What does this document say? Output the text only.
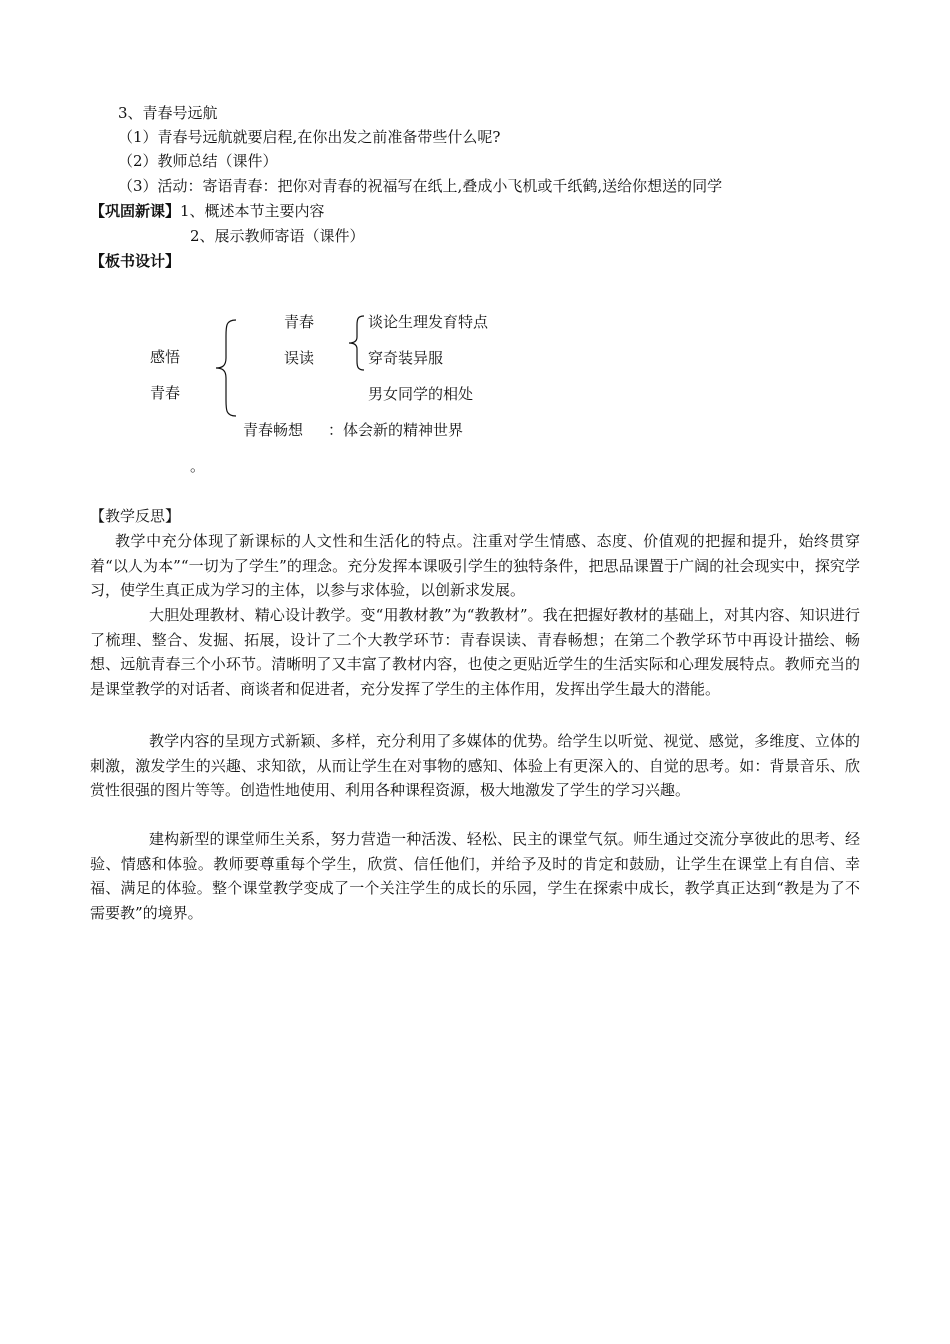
3、青春号远航
（1）青春号远航就要启程,在你出发之前准备带些什么呢?
（2）教师总结（课件）
（3）活动：寄语青春：把你对青春的祝福写在纸上,叠成小飞机或千纸鹤,送给你想送的同学
【巩固新课】1、概述本节主要内容
2、展示教师寄语（课件）
【板书设计】
感悟
青春
青春
误读
谈论生理发育特点
穿奇装异服
男女同学的相处
青春畅想 ：体会新的精神世界
。
【教学反思】
教学中充分体现了新课标的人文性和生活化的特点。注重对学生情感、态度、价值观的把握和提升，始终贯穿着“以人为本”“一切为了学生”的理念。充分发挥本课吸引学生的独特条件，把思品课置于广阔的社会现实中，探究学习，使学生真正成为学习的主体，以参与求体验，以创新求发展。
大胆处理教材、精心设计教学。变“用教材教”为“教教材”。我在把握好教材的基础上，对其内容、知识进行了梳理、整合、发掘、拓展，设计了二个大教学环节：青春误读、青春畅想；在第二个教学环节中再设计描绘、畅想、远航青春三个小环节。清晰明了又丰富了教材内容，也使之更贴近学生的生活实际和心理发展特点。教师充当的是课堂教学的对话者、商谈者和促进者，充分发挥了学生的主体作用，发挥出学生最大的潜能。
教学内容的呈现方式新颖、多样，充分利用了多媒体的优势。给学生以听觉、视觉、感觉，多维度、立体的刺激，激发学生的兴趣、求知欲，从而让学生在对事物的感知、体验上有更深入的、自觉的思考。如：背景音乐、欣赏性很强的图片等等。创造性地使用、利用各种课程资源，极大地激发了学生的学习兴趣。
建构新型的课堂师生关系，努力营造一种活泼、轻松、民主的课堂气氛。师生通过交流分享彼此的思考、经验、情感和体验。教师要尊重每个学生，欣赏、信任他们，并给予及时的肯定和鼓励，让学生在课堂上有自信、幸福、满足的体验。整个课堂教学变成了一个关注学生的成长的乐园，学生在探索中成长，教学真正达到“教是为了不需要教”的境界。
